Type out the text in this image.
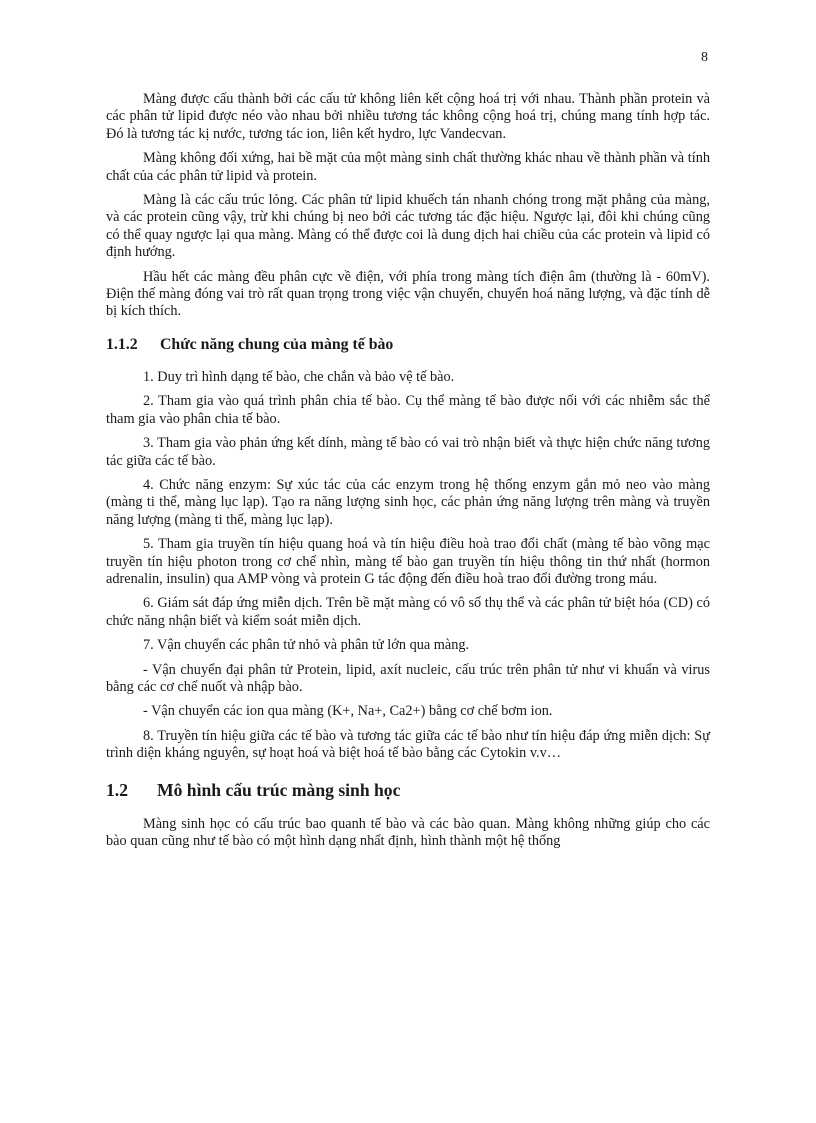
8

Màng được cấu thành bởi các cấu tử không liên kết cộng hoá trị với nhau. Thành phần protein và các phân tử lipid được néo vào nhau bởi nhiều tương tác không cộng hoá trị, chúng mang tính hợp tác. Đó là tương tác kị nước, tương tác ion, liên kết hydro, lực Vandecvan.

Màng không đối xứng, hai bề mặt của một màng sinh chất thường khác nhau về thành phần và tính chất của các phân tử lipid và protein.

Màng là các cấu trúc lỏng. Các phân tử lipid khuếch tán nhanh chóng trong mặt phẳng của màng, và các protein cũng vậy, trừ khi chúng bị neo bởi các tương tác đặc hiệu. Ngược lại, đôi khi chúng cũng có thể quay ngược lại qua màng. Màng có thể được coi là dung dịch hai chiều của các protein và lipid có định hướng.

Hầu hết các màng đều phân cực về điện, với phía trong màng tích điện âm (thường là - 60mV). Điện thế màng đóng vai trò rất quan trọng trong việc vận chuyển, chuyển hoá năng lượng, và đặc tính dễ bị kích thích.

1.1.2	Chức năng chung của màng tế bào

1. Duy trì hình dạng tế bào, che chắn và bảo vệ tế bào.

2. Tham gia vào quá trình phân chia tế bào. Cụ thể màng tế bào được nối với các nhiễm sắc thể tham gia vào phân chia tế bào.

3. Tham gia vào phản ứng kết dính, màng tế bào có vai trò nhận biết và thực hiện chức năng tương tác giữa các tế bào.

4. Chức năng enzym: Sự xúc tác của các enzym trong hệ thống enzym gắn mỏ neo vào màng (màng ti thể, màng lục lạp). Tạo ra năng lượng sinh học, các phản ứng năng lượng trên màng và truyền năng lượng (màng ti thể, màng lục lạp).

5. Tham gia truyền tín hiệu quang hoá và tín hiệu điều hoà trao đổi chất (màng tế bào võng mạc truyền tín hiệu photon trong cơ chế nhìn, màng tế bào gan truyền tín hiệu thông tin thứ nhất (hormon adrenalin, insulin) qua AMP vòng và protein G tác động đến điều hoà trao đổi đường trong máu.

6. Giám sát đáp ứng miễn dịch. Trên bề mặt màng có vô số thụ thể và các phân tử biệt hóa (CD) có chức năng nhận biết và kiểm soát miễn dịch.

7. Vận chuyển các phân tử nhỏ và phân tử lớn qua màng.

- Vận chuyển đại phân tử Protein, lipid, axít nucleic, cấu trúc trên phân tử như vi khuẩn và virus bằng các cơ chế nuốt và nhập bào.

- Vận chuyển các ion qua màng (K+, Na+, Ca2+) bằng cơ chế bơm ion.

8. Truyền tín hiệu giữa các tế bào và tương tác giữa các tế bào như tín hiệu đáp ứng miễn dịch: Sự trình diện kháng nguyên, sự hoạt hoá và biệt hoá tế bào bằng các Cytokin v.v…

1.2	Mô hình cấu trúc màng sinh học

Màng sinh học có cấu trúc bao quanh tế bào và các bào quan. Màng không những giúp cho các bào quan cũng như tế bào có một hình dạng nhất định, hình thành một hệ thống
